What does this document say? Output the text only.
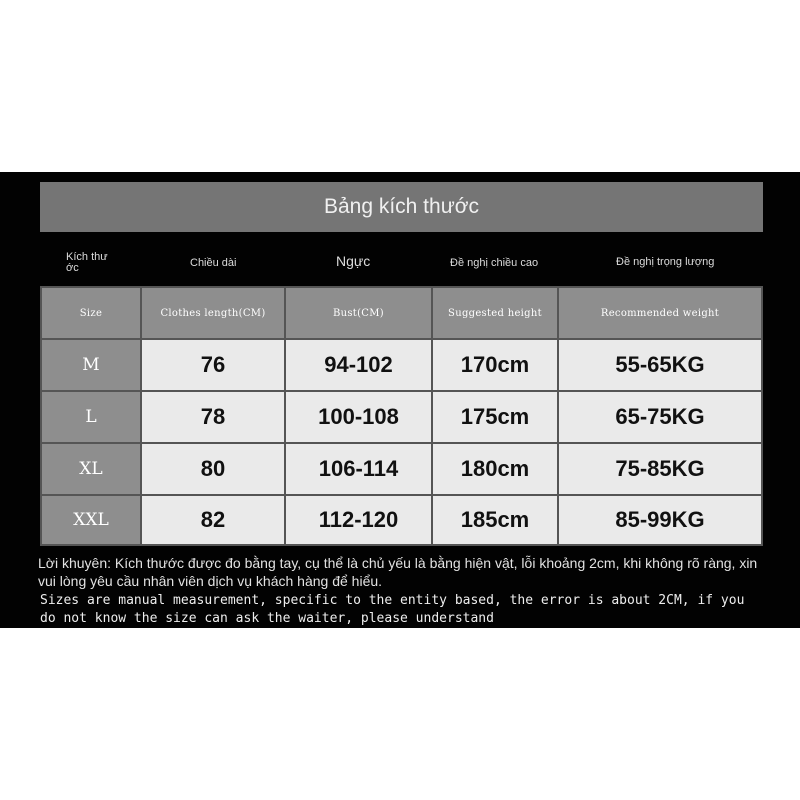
Bảng kích thước
Kích thư ớc	Chiều dài	Ngực	Đề nghị chiều cao	Đề nghị trọng lượng
Size	Clothes length(CM)	Bust(CM)	Suggested height	Recommended weight
M	76	94-102	170cm	55-65KG
L	78	100-108	175cm	65-75KG
XL	80	106-114	180cm	75-85KG
XXL	82	112-120	185cm	85-99KG
Lời khuyên: Kích thước được đo bằng tay, cụ thể là chủ yếu là bằng hiện vật, lỗi khoảng 2cm, khi không rõ ràng, xin vui lòng yêu cầu nhân viên dịch vụ khách hàng để hiểu.
Sizes are manual measurement, specific to the entity based, the error is about 2CM, if you do not know the size can ask the waiter, please understand
